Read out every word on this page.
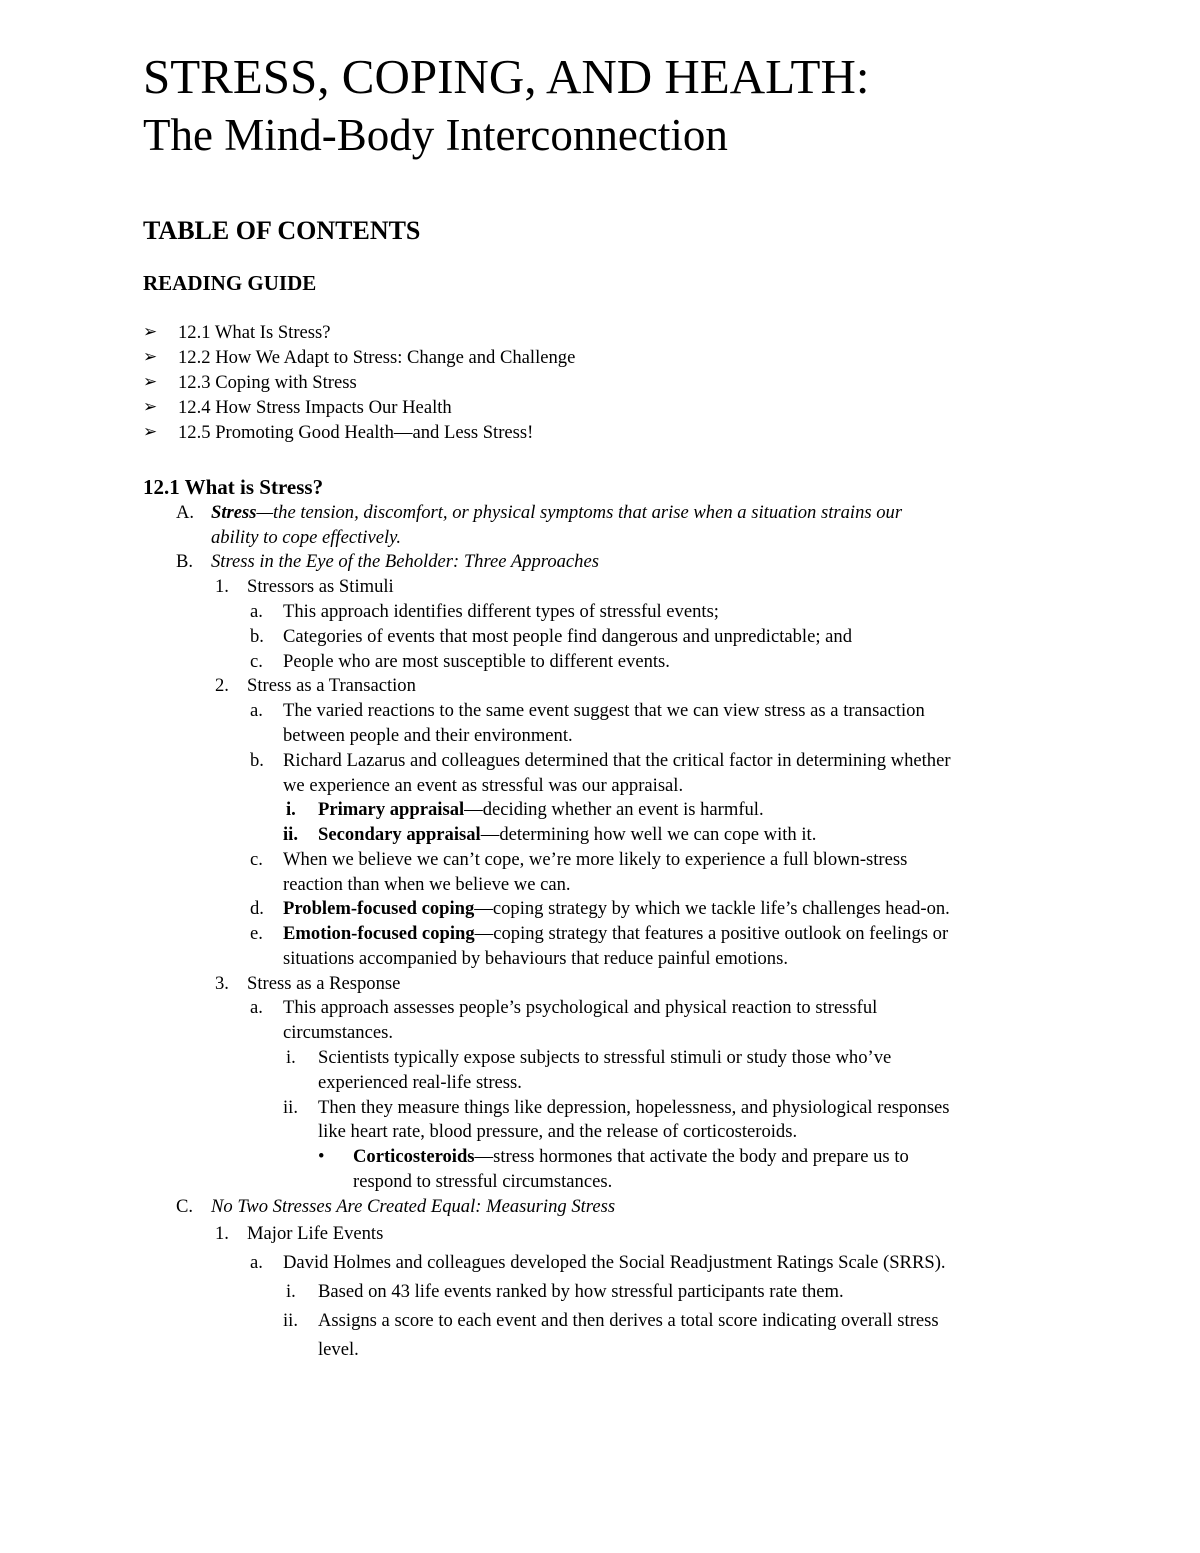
STRESS, COPING, AND HEALTH:
The Mind-Body Interconnection
TABLE OF CONTENTS
READING GUIDE
➢ 12.1 What Is Stress?
➢ 12.2 How We Adapt to Stress: Change and Challenge
➢ 12.3 Coping with Stress
➢ 12.4 How Stress Impacts Our Health
➢ 12.5 Promoting Good Health—and Less Stress!
12.1 What is Stress?
A. Stress—the tension, discomfort, or physical symptoms that arise when a situation strains our
ability to cope effectively.
B. Stress in the Eye of the Beholder: Three Approaches
1. Stressors as Stimuli
a. This approach identifies different types of stressful events;
b. Categories of events that most people find dangerous and unpredictable; and
c. People who are most susceptible to different events.
2. Stress as a Transaction
a. The varied reactions to the same event suggest that we can view stress as a transaction
between people and their environment.
b. Richard Lazarus and colleagues determined that the critical factor in determining whether
we experience an event as stressful was our appraisal.
i. Primary appraisal—deciding whether an event is harmful.
ii. Secondary appraisal—determining how well we can cope with it.
c. When we believe we can’t cope, we’re more likely to experience a full blown-stress
reaction than when we believe we can.
d. Problem-focused coping—coping strategy by which we tackle life’s challenges head-on.
e. Emotion-focused coping—coping strategy that features a positive outlook on feelings or
situations accompanied by behaviours that reduce painful emotions.
3. Stress as a Response
a. This approach assesses people’s psychological and physical reaction to stressful
circumstances.
i. Scientists typically expose subjects to stressful stimuli or study those who’ve
experienced real-life stress.
ii. Then they measure things like depression, hopelessness, and physiological responses
like heart rate, blood pressure, and the release of corticosteroids.
• Corticosteroids—stress hormones that activate the body and prepare us to
respond to stressful circumstances.
C. No Two Stresses Are Created Equal: Measuring Stress
1. Major Life Events
a. David Holmes and colleagues developed the Social Readjustment Ratings Scale (SRRS).
i. Based on 43 life events ranked by how stressful participants rate them.
ii. Assigns a score to each event and then derives a total score indicating overall stress
level.
